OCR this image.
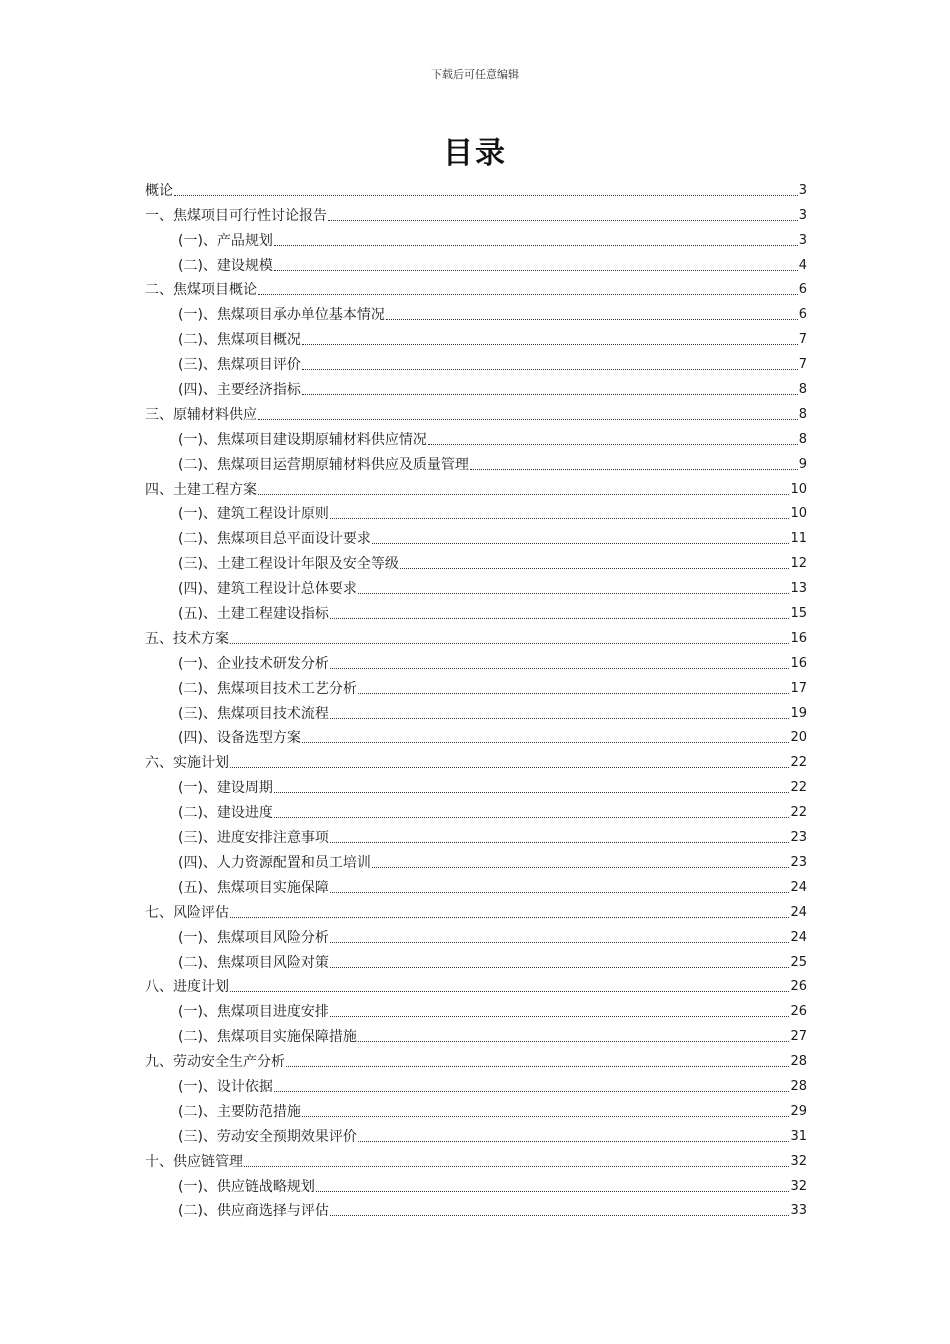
下载后可任意编辑
目录
概论	3
一、焦煤项目可行性讨论报告	3
(一)、产品规划	3
(二)、建设规模	4
二、焦煤项目概论	6
(一)、焦煤项目承办单位基本情况	6
(二)、焦煤项目概况	7
(三)、焦煤项目评价	7
(四)、主要经济指标	8
三、原辅材料供应	8
(一)、焦煤项目建设期原辅材料供应情况	8
(二)、焦煤项目运营期原辅材料供应及质量管理	9
四、土建工程方案	10
(一)、建筑工程设计原则	10
(二)、焦煤项目总平面设计要求	11
(三)、土建工程设计年限及安全等级	12
(四)、建筑工程设计总体要求	13
(五)、土建工程建设指标	15
五、技术方案	16
(一)、企业技术研发分析	16
(二)、焦煤项目技术工艺分析	17
(三)、焦煤项目技术流程	19
(四)、设备选型方案	20
六、实施计划	22
(一)、建设周期	22
(二)、建设进度	22
(三)、进度安排注意事项	23
(四)、人力资源配置和员工培训	23
(五)、焦煤项目实施保障	24
七、风险评估	24
(一)、焦煤项目风险分析	24
(二)、焦煤项目风险对策	25
八、进度计划	26
(一)、焦煤项目进度安排	26
(二)、焦煤项目实施保障措施	27
九、劳动安全生产分析	28
(一)、设计依据	28
(二)、主要防范措施	29
(三)、劳动安全预期效果评价	31
十、供应链管理	32
(一)、供应链战略规划	32
(二)、供应商选择与评估	33
